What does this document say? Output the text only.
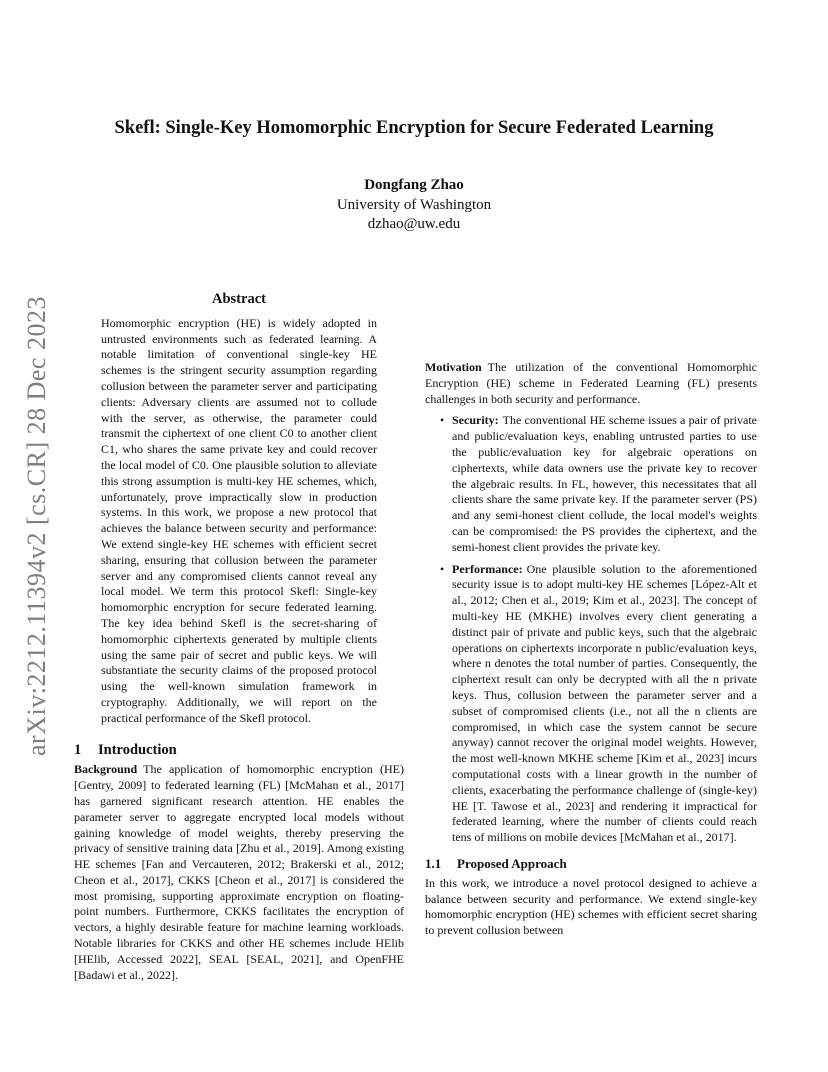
arXiv:2212.11394v2 [cs.CR] 28 Dec 2023
Skefl: Single-Key Homomorphic Encryption for Secure Federated Learning
Dongfang Zhao
University of Washington
dzhao@uw.edu
Abstract

Homomorphic encryption (HE) is widely adopted in untrusted environments such as federated learning. A notable limitation of conventional single-key HE schemes is the stringent security assumption regarding collusion between the parameter server and participating clients: Adversary clients are assumed not to collude with the server, as otherwise, the parameter could transmit the ciphertext of one client C0 to another client C1, who shares the same private key and could recover the local model of C0. One plausible solution to alleviate this strong assumption is multi-key HE schemes, which, unfortunately, prove impractically slow in production systems. In this work, we propose a new protocol that achieves the balance between security and performance: We extend single-key HE schemes with efficient secret sharing, ensuring that collusion between the parameter server and any compromised clients cannot reveal any local model. We term this protocol Skefl: Single-key homomorphic encryption for secure federated learning. The key idea behind Skefl is the secret-sharing of homomorphic ciphertexts generated by multiple clients using the same pair of secret and public keys. We will substantiate the security claims of the proposed protocol using the well-known simulation framework in cryptography. Additionally, we will report on the practical performance of the Skefl protocol.

1 Introduction

Background The application of homomorphic encryption (HE) [Gentry, 2009] to federated learning (FL) [McMahan et al., 2017] has garnered significant research attention. HE enables the parameter server to aggregate encrypted local models without gaining knowledge of model weights, thereby preserving the privacy of sensitive training data [Zhu et al., 2019]. Among existing HE schemes [Fan and Vercauteren, 2012; Brakerski et al., 2012; Cheon et al., 2017], CKKS [Cheon et al., 2017] is considered the most promising, supporting approximate encryption on floating-point numbers. Furthermore, CKKS facilitates the encryption of vectors, a highly desirable feature for machine learning workloads. Notable libraries for CKKS and other HE schemes include HElib [HElib, Accessed 2022], SEAL [SEAL, 2021], and OpenFHE [Badawi et al., 2022].

Motivation The utilization of the conventional Homomorphic Encryption (HE) scheme in Federated Learning (FL) presents challenges in both security and performance.

• Security: The conventional HE scheme issues a pair of private and public/evaluation keys, enabling untrusted parties to use the public/evaluation key for algebraic operations on ciphertexts, while data owners use the private key to recover the algebraic results. In FL, however, this necessitates that all clients share the same private key. If the parameter server (PS) and any semi-honest client collude, the local model's weights can be compromised: the PS provides the ciphertext, and the semi-honest client provides the private key.
• Performance: One plausible solution to the aforementioned security issue is to adopt multi-key HE schemes [López-Alt et al., 2012; Chen et al., 2019; Kim et al., 2023]. The concept of multi-key HE (MKHE) involves every client generating a distinct pair of private and public keys, such that the algebraic operations on ciphertexts incorporate n public/evaluation keys, where n denotes the total number of parties. Consequently, the ciphertext result can only be decrypted with all the n private keys. Thus, collusion between the parameter server and a subset of compromised clients (i.e., not all the n clients are compromised, in which case the system cannot be secure anyway) cannot recover the original model weights. However, the most well-known MKHE scheme [Kim et al., 2023] incurs computational costs with a linear growth in the number of clients, exacerbating the performance challenge of (single-key) HE [T. Tawose et al., 2023] and rendering it impractical for federated learning, where the number of clients could reach tens of millions on mobile devices [McMahan et al., 2017].
1.1 Proposed Approach

In this work, we introduce a novel protocol designed to achieve a balance between security and performance. We extend single-key homomorphic encryption (HE) schemes with efficient secret sharing to prevent collusion between
